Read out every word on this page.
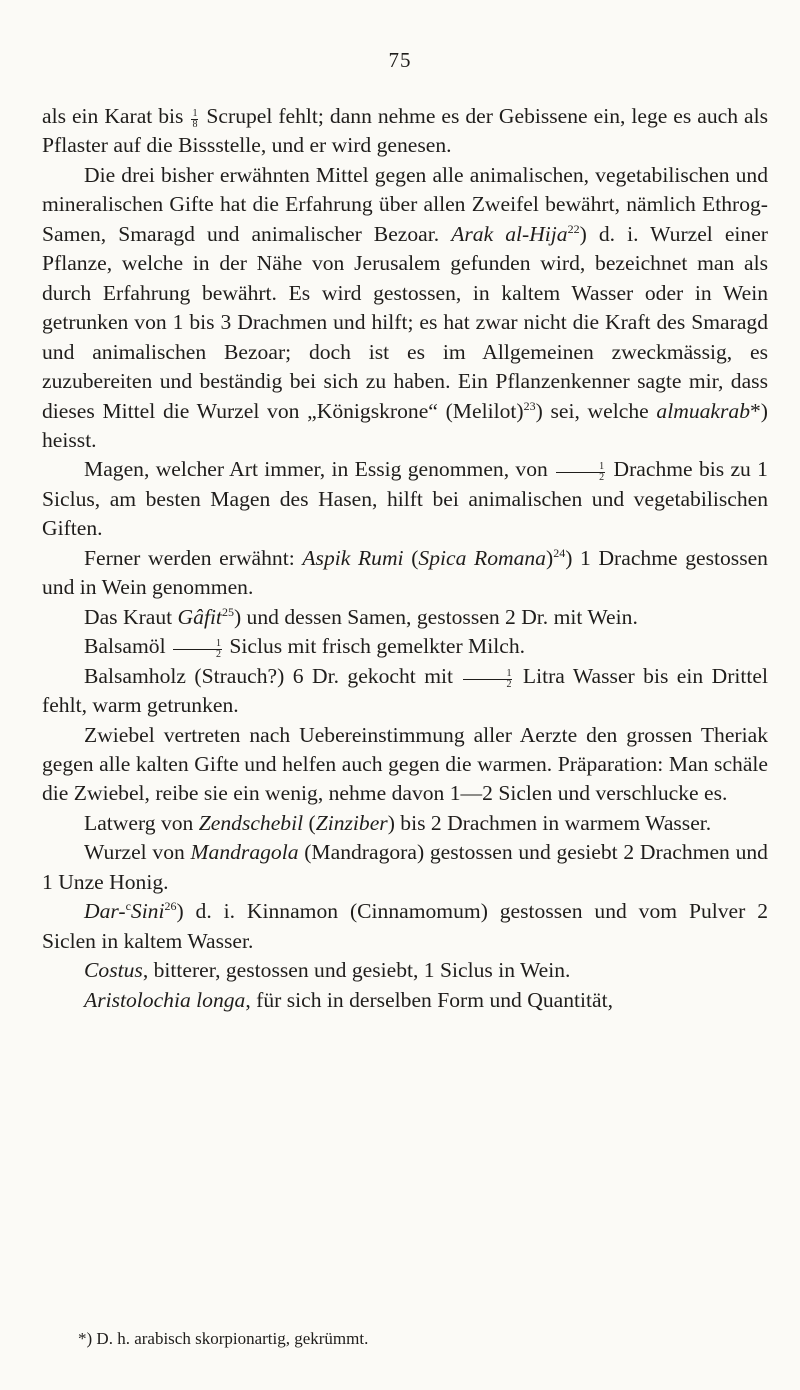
75

als ein Karat bis $\frac{1}{8}$ Scrupel fehlt; dann nehme es der Gebissene ein, lege es auch als Pflaster auf die Bissstelle, und er wird genesen.

Die drei bisher erwähnten Mittel gegen alle animalischen, vegetabilischen und mineralischen Gifte hat die Erfahrung über allen Zweifel bewährt, nämlich Ethrog-Samen, Smaragd und animalischer Bezoar. Arak al-Hija$^{22}$) d. i. Wurzel einer Pflanze, welche in der Nähe von Jerusalem gefunden wird, bezeichnet man als durch Erfahrung bewährt. Es wird gestossen, in kaltem Wasser oder in Wein getrunken von 1 bis 3 Drachmen und hilft; es hat zwar nicht die Kraft des Smaragd und animalischen Bezoar; doch ist es im Allgemeinen zweckmässig, es zuzubereiten und beständig bei sich zu haben. Ein Pflanzenkenner sagte mir, dass dieses Mittel die Wurzel von „Königskrone“ (Melilot)$^{23}$) sei, welche almuakrab*) heisst.

Magen, welcher Art immer, in Essig genommen, von $\frac{1}{2}$ Drachme bis zu 1 Siclus, am besten Magen des Hasen, hilft bei animalischen und vegetabilischen Giften.

Ferner werden erwähnt: Aspik Rumi (Spica Romana)$^{24}$) 1 Drachme gestossen und in Wein genommen.

Das Kraut Gâfit$^{25}$) und dessen Samen, gestossen 2 Dr. mit Wein.

Balsamöl $\frac{1}{2}$ Siclus mit frisch gemelkter Milch.

Balsamholz (Strauch?) 6 Dr. gekocht mit $\frac{1}{2}$ Litra Wasser bis ein Drittel fehlt, warm getrunken.

Zwiebel vertreten nach Uebereinstimmung aller Aerzte den grossen Theriak gegen alle kalten Gifte und helfen auch gegen die warmen. Präparation: Man schäle die Zwiebel, reibe sie ein wenig, nehme davon 1—2 Siclen und verschlucke es.

Latwerg von Zendschebil (Zinziber) bis 2 Drachmen in warmem Wasser.

Wurzel von Mandragola (Mandragora) gestossen und gesiebt 2 Drachmen und 1 Unze Honig.

Dar-$^c$Sini$^{26}$) d. i. Kinnamon (Cinnamomum) gestossen und vom Pulver 2 Siclen in kaltem Wasser.

Costus, bitterer, gestossen und gesiebt, 1 Siclus in Wein.

Aristolochia longa, für sich in derselben Form und Quantität,

*) D. h. arabisch skorpionartig, gekrümmt.
